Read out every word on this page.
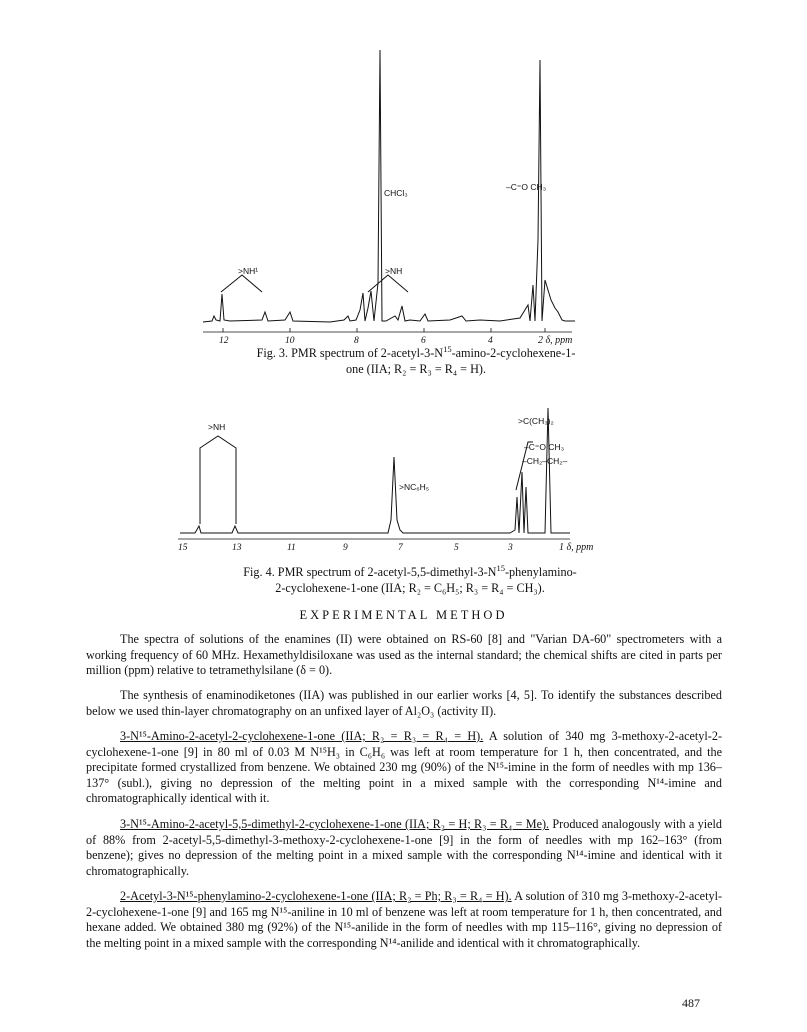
12	10	8	6	4	2 δ, ppm
CHCl₃
–C⁼O CH₃
>NH¹	>NH
Fig. 3. PMR spectrum of $2-acetyl-3-N^{15}-amino-2-cyclohexene-1-$
one (IIA; R₂ = R₃ = R₄ = H).
15	13	11	9	7	5	3	1 δ, ppm
>C(CH₃)₂
–C⁼O CH₃
–CH₂–CH₂–
>NH
>NC₆H₅
Fig. 4. PMR spectrum of $2-acetyl-5,5-dimethyl-3-N^{15}-phenylamino-$
2-cyclohexene-1-one (IIA; R₂ = C₆H₅; R₃ = R₄ = CH₃).
EXPERIMENTAL METHOD
The spectra of solutions of the enamines (II) were obtained on RS-60 [8] and "Varian DA-60" spectrometers with a working frequency of 60 MHz. Hexamethyldisiloxane was used as the internal standard; the chemical shifts are cited in parts per million (ppm) relative to tetramethylsilane (δ = 0).
The synthesis of enaminodiketones (IIA) was published in our earlier works [4, 5]. To identify the substances described below we used thin-layer chromatography on an unfixed layer of Al₂O₃ (activity II).
3-N¹⁵-Amino-2-acetyl-2-cyclohexene-1-one (IIA; R₂ = R₃ = R₄ = H). A solution of 340 mg 3-methoxy-2-acetyl-2-cyclohexene-1-one [9] in 80 ml of 0.03 M N¹⁵H₃ in C₆H₆ was left at room temperature for 1 h, then concentrated, and the precipitate formed crystallized from benzene. We obtained 230 mg (90%) of the N¹⁵-imine in the form of needles with mp 136–137° (subl.), giving no depression of the melting point in a mixed sample with the corresponding N¹⁴-imine and chromatographically identical with it.
3-N¹⁵-Amino-2-acetyl-5,5-dimethyl-2-cyclohexene-1-one (IIA; R₂ = H; R₃ = R₄ = Me). Produced analogously with a yield of 88% from 2-acetyl-5,5-dimethyl-3-methoxy-2-cyclohexene-1-one [9] in the form of needles with mp 162–163° (from benzene); gives no depression of the melting point in a mixed sample with the corresponding N¹⁴-imine and identical with it chromatographically.
2-Acetyl-3-N¹⁵-phenylamino-2-cyclohexene-1-one (IIA; R₂ = Ph; R₃ = R₄ = H). A solution of 310 mg 3-methoxy-2-acetyl-2-cyclohexene-1-one [9] and 165 mg N¹⁵-aniline in 10 ml of benzene was left at room temperature for 1 h, then concentrated, and hexane added. We obtained 380 mg (92%) of the N¹⁵-anilide in the form of needles with mp 115–116°, giving no depression of the melting point in a mixed sample with the corresponding N¹⁴-anilide and identical with it chromatographically.
487
